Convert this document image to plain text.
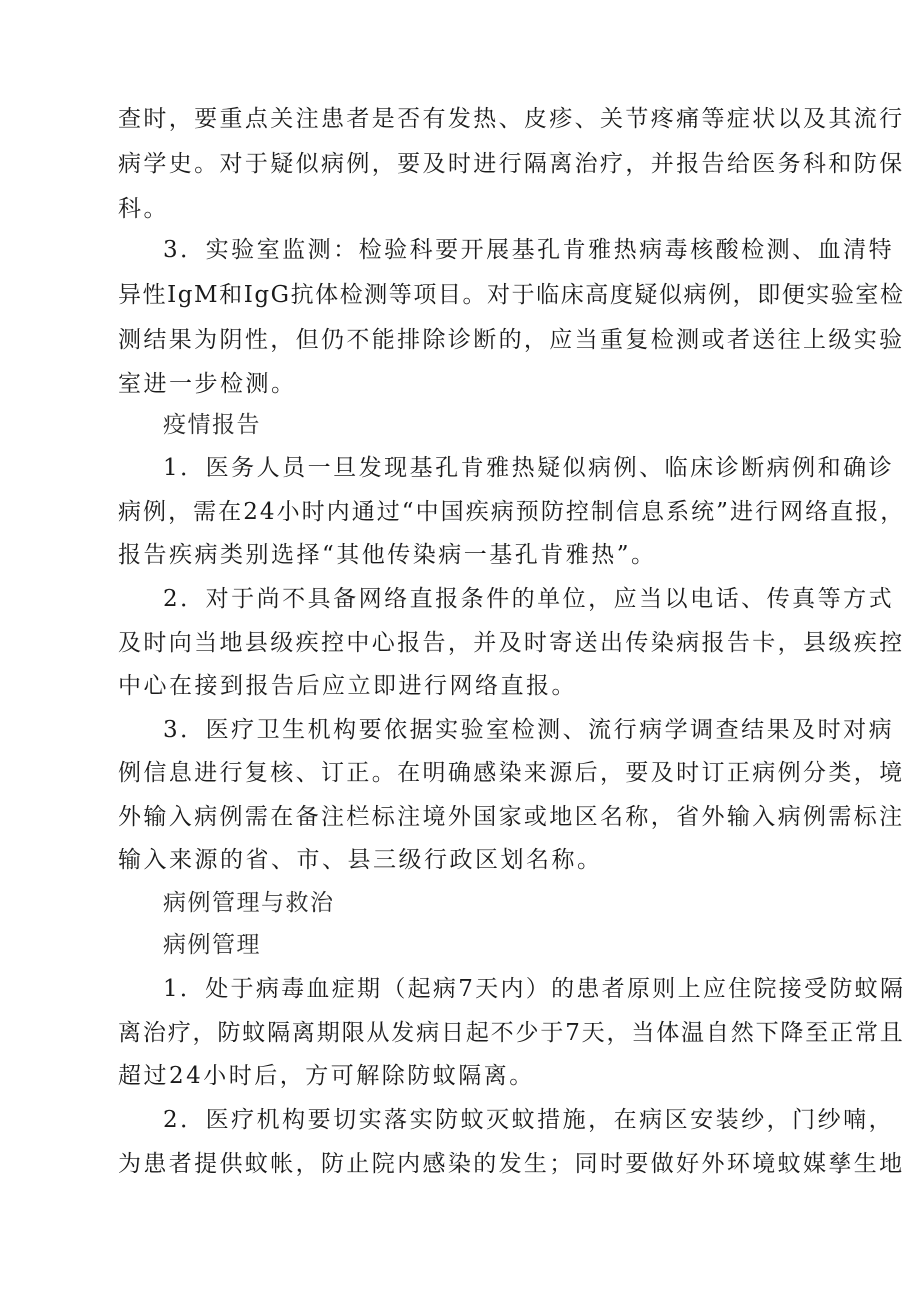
查时，要重点关注患者是否有发热、皮疹、关节疼痛等症状以及其流行
病学史。对于疑似病例，要及时进行隔离治疗，并报告给医务科和防保
科。
3．实验室监测：检验科要开展基孔肯雅热病毒核酸检测、血清特
异性IgM和IgG抗体检测等项目。对于临床高度疑似病例，即便实验室检
测结果为阴性，但仍不能排除诊断的，应当重复检测或者送往上级实验
室进一步检测。
疫情报告
1．医务人员一旦发现基孔肯雅热疑似病例、临床诊断病例和确诊
病例，需在24小时内通过“中国疾病预防控制信息系统”进行网络直报，
报告疾病类别选择“其他传染病一基孔肯雅热”。
2．对于尚不具备网络直报条件的单位，应当以电话、传真等方式
及时向当地县级疾控中心报告，并及时寄送出传染病报告卡，县级疾控
中心在接到报告后应立即进行网络直报。
3．医疗卫生机构要依据实验室检测、流行病学调查结果及时对病
例信息进行复核、订正。在明确感染来源后，要及时订正病例分类，境
外输入病例需在备注栏标注境外国家或地区名称，省外输入病例需标注
输入来源的省、市、县三级行政区划名称。
病例管理与救治
病例管理
1．处于病毒血症期（起病7天内）的患者原则上应住院接受防蚊隔
离治疗，防蚊隔离期限从发病日起不少于7天，当体温自然下降至正常且
超过24小时后，方可解除防蚊隔离。
2．医疗机构要切实落实防蚊灭蚊措施，在病区安装纱，门纱喃，
为患者提供蚊帐，防止院内感染的发生；同时要做好外环境蚊媒孳生地
